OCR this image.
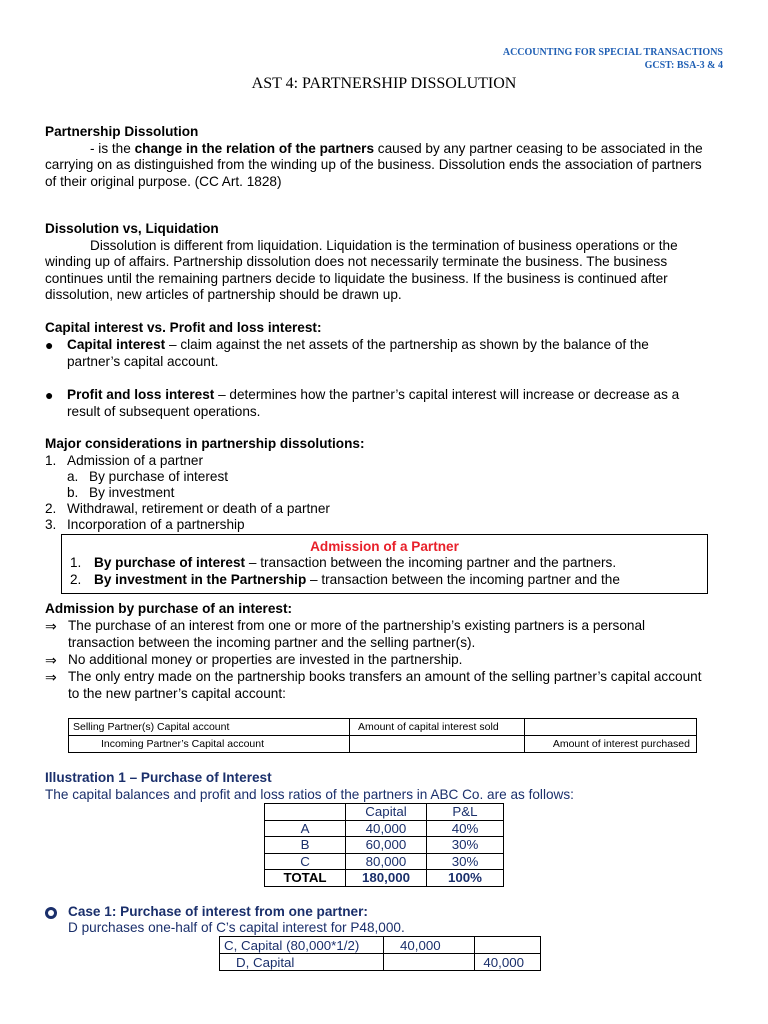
ACCOUNTING FOR SPECIAL TRANSACTIONS
GCST: BSA-3 & 4
AST 4: PARTNERSHIP DISSOLUTION
Partnership Dissolution
- is the change in the relation of the partners caused by any partner ceasing to be associated in the
carrying on as distinguished from the winding up of the business. Dissolution ends the association of partners
of their original purpose. (CC Art. 1828)
Dissolution vs, Liquidation
Dissolution is different from liquidation. Liquidation is the termination of business operations or the
winding up of affairs. Partnership dissolution does not necessarily terminate the business. The business
continues until the remaining partners decide to liquidate the business. If the business is continued after
dissolution, new articles of partnership should be drawn up.
Capital interest vs. Profit and loss interest:
● Capital interest – claim against the net assets of the partnership as shown by the balance of the
partner’s capital account.
● Profit and loss interest – determines how the partner’s capital interest will increase or decrease as a
result of subsequent operations.
Major considerations in partnership dissolutions:
1. Admission of a partner
a. By purchase of interest
b. By investment
2. Withdrawal, retirement or death of a partner
3. Incorporation of a partnership
Admission of a Partner
1. By purchase of interest – transaction between the incoming partner and the partners.
2. By investment in the Partnership – transaction between the incoming partner and the
Admission by purchase of an interest:
⇒ The purchase of an interest from one or more of the partnership’s existing partners is a personal
transaction between the incoming partner and the selling partner(s).
⇒ No additional money or properties are invested in the partnership.
⇒ The only entry made on the partnership books transfers an amount of the selling partner’s capital account
to the new partner’s capital account:
Selling Partner(s) Capital account	Amount of capital interest sold	
Incoming Partner’s Capital account		Amount of interest purchased
Illustration 1 – Purchase of Interest
The capital balances and profit and loss ratios of the partners in ABC Co. are as follows:
	Capital	P&L
A	40,000	40%
B	60,000	30%
C	80,000	30%
TOTAL	180,000	100%
Case 1: Purchase of interest from one partner:
D purchases one-half of C’s capital interest for P48,000.
C, Capital (80,000*1/2)	40,000	
D, Capital		40,000
